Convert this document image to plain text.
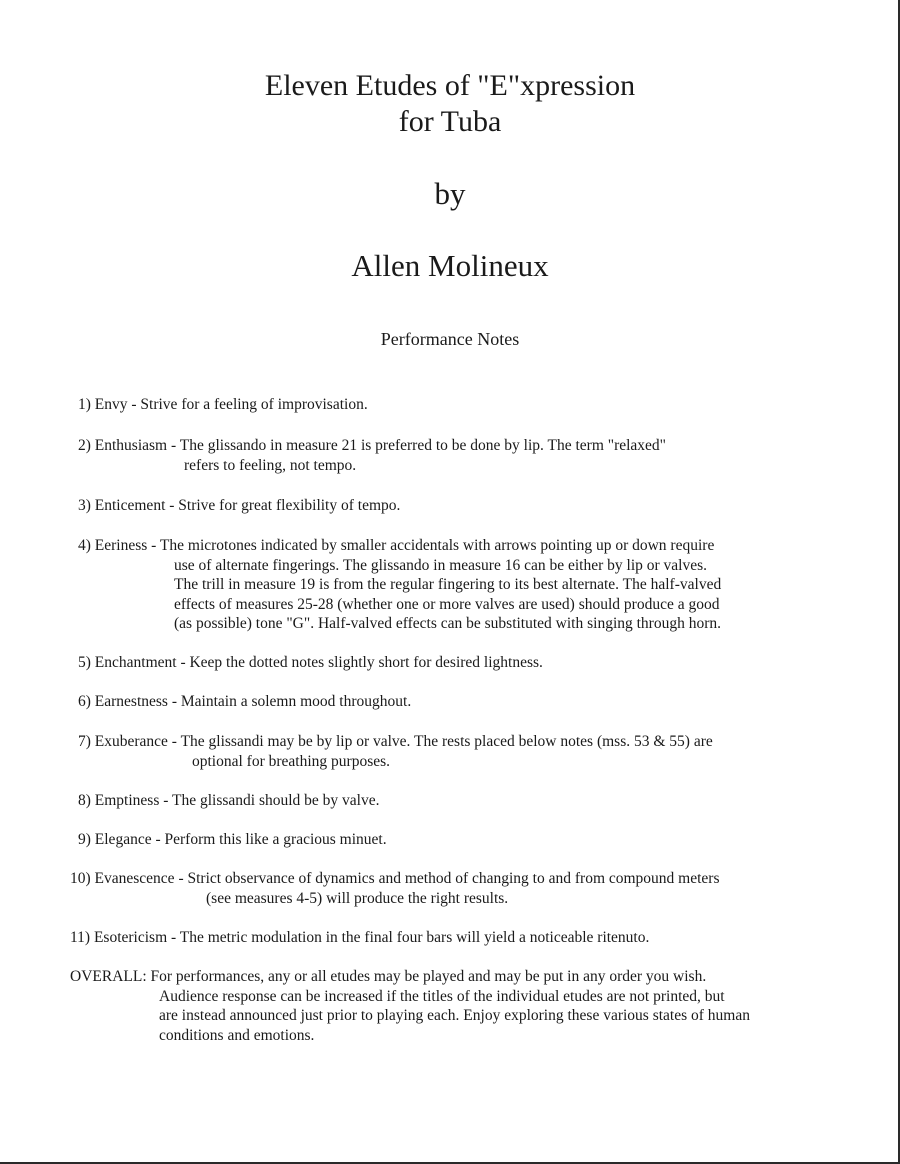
Eleven Etudes of "E"xpression
for Tuba
by
Allen Molineux
Performance Notes
1) Envy - Strive for a feeling of improvisation.
2) Enthusiasm - The glissando in measure 21 is preferred to be done by lip. The term "relaxed"
refers to feeling, not tempo.
3) Enticement - Strive for great flexibility of tempo.
4) Eeriness - The microtones indicated by smaller accidentals with arrows pointing up or down require
use of alternate fingerings. The glissando in measure 16 can be either by lip or valves.
The trill in measure 19 is from the regular fingering to its best alternate. The half-valved
effects of measures 25-28 (whether one or more valves are used) should produce a good
(as possible) tone "G". Half-valved effects can be substituted with singing through horn.
5) Enchantment - Keep the dotted notes slightly short for desired lightness.
6) Earnestness - Maintain a solemn mood throughout.
7) Exuberance - The glissandi may be by lip or valve. The rests placed below notes (mss. 53 & 55) are
optional for breathing purposes.
8) Emptiness - The glissandi should be by valve.
9) Elegance - Perform this like a gracious minuet.
10) Evanescence - Strict observance of dynamics and method of changing to and from compound meters
(see measures 4-5) will produce the right results.
11) Esotericism - The metric modulation in the final four bars will yield a noticeable ritenuto.
OVERALL: For performances, any or all etudes may be played and may be put in any order you wish.
Audience response can be increased if the titles of the individual etudes are not printed, but
are instead announced just prior to playing each. Enjoy exploring these various states of human
conditions and emotions.
